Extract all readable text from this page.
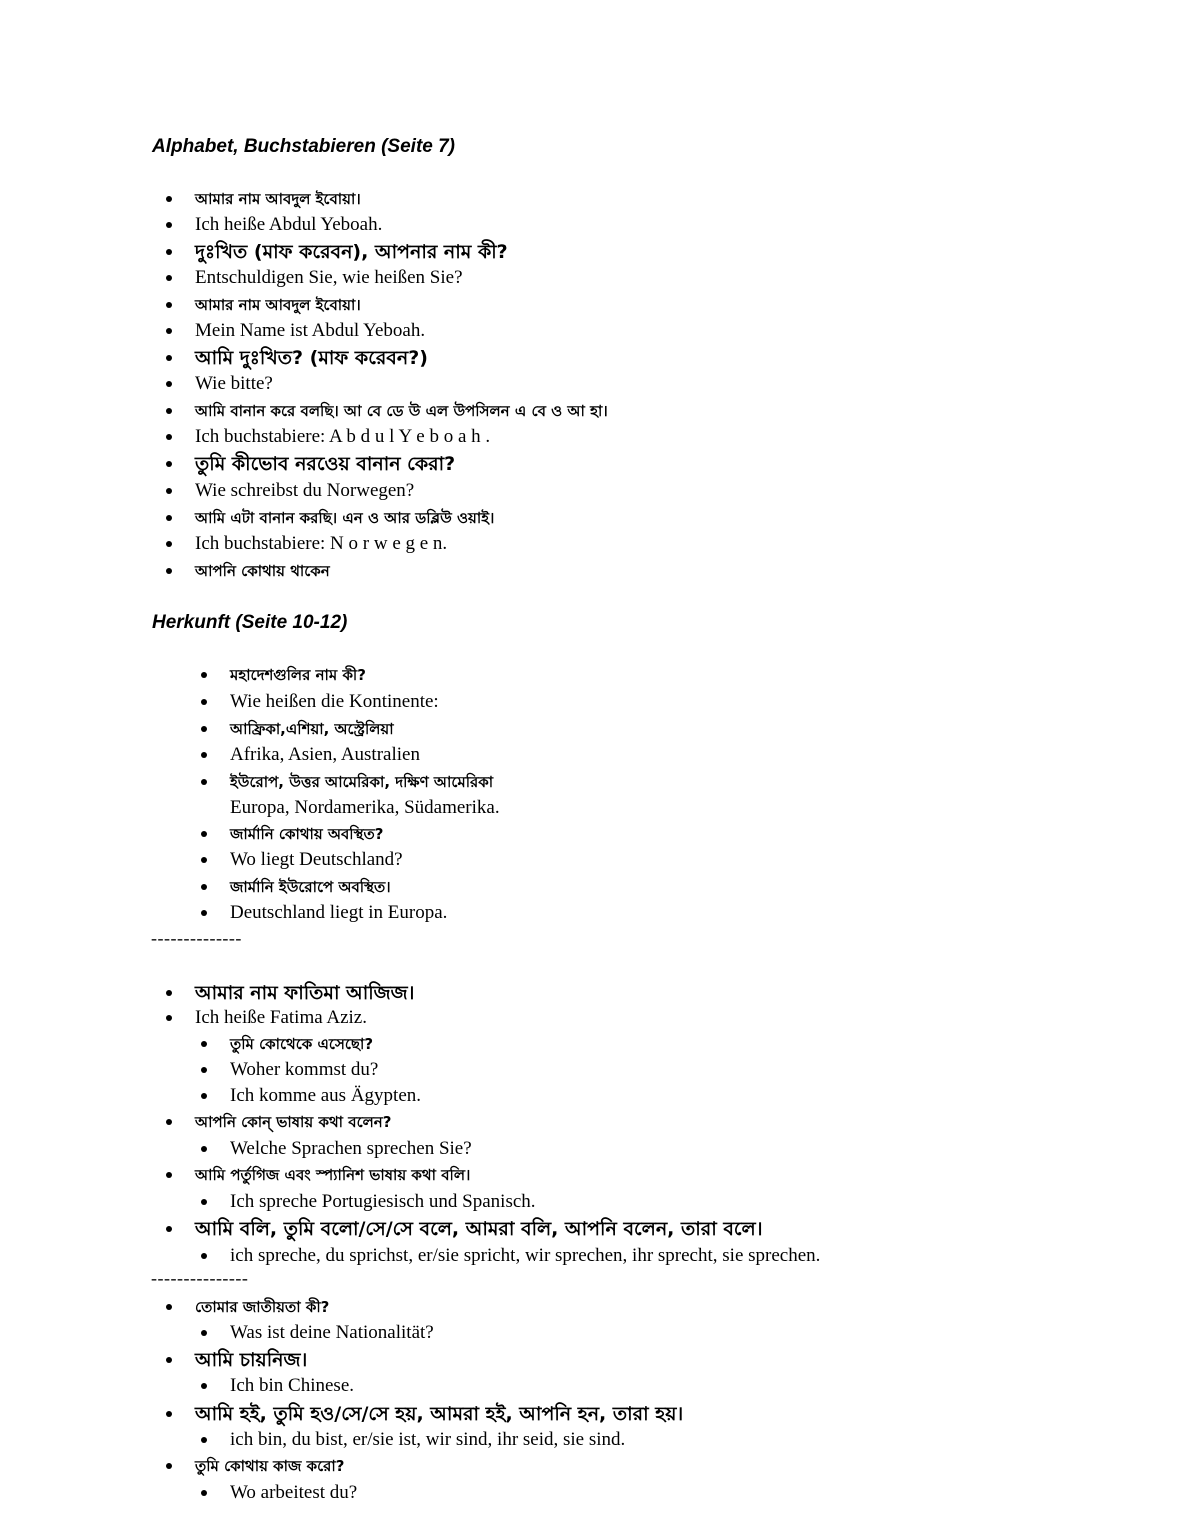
Alphabet, Buchstabieren (Seite 7)
আমার নাম আবদুল ইবোয়া।
Ich heiße Abdul Yeboah.
দুঃখিত (মাফ করেবন), আপনার নাম কী?
Entschuldigen Sie, wie heißen Sie?
আমার নাম আবদুল ইবোয়া।
Mein Name ist Abdul Yeboah.
আমি দুঃখিত? (মাফ করেবন?)
Wie bitte?
আমি বানান করে বলছি। আ বে ডে উ এল উপসিলন এ বে ও আ হা।
Ich buchstabiere: A b d u l Y e b o a h .
তুমি কীভােব নরওেয় বানান কেরা?
Wie schreibst du Norwegen?
আমি এটা বানান করছি। এন ও আর ডব্লিউ ওয়াই।
Ich buchstabiere: N o r w e g e n.
আপনি কোথায় থাকেন
Herkunft (Seite 10-12)
মহাদেশগুলির নাম কী?
Wie heißen die Kontinente:
আফ্রিকা,এশিয়া, অস্ট্রেলিয়া
Afrika, Asien, Australien
ইউরোপ, উত্তর আমেরিকা, দক্ষিণ আমেরিকা
Europa, Nordamerika, Südamerika.
জার্মানি কোথায় অবস্থিত?
Wo liegt Deutschland?
জার্মানি ইউরোপে অবস্থিত।
Deutschland liegt in Europa.
--------------
আমার নাম ফাতিমা আজিজ।
Ich heiße Fatima Aziz.
তুমি কোথেকে এসেছো?
Woher kommst du?
Ich komme aus Ägypten.
আপনি কোন্ ভাষায় কথা বলেন?
Welche Sprachen sprechen Sie?
আমি পর্তুগিজ এবং স্প্যানিশ ভাষায় কথা বলি।
Ich spreche Portugiesisch und Spanisch.
আমি বলি, তুমি বলো/সে/সে বলে, আমরা বলি, আপনি বলেন, তারা বলে।
ich spreche, du sprichst, er/sie spricht, wir sprechen, ihr sprecht, sie sprechen.
---------------
তোমার জাতীয়তা কী?
Was ist deine Nationalität?
আমি চায়নিজ।
Ich bin Chinese.
আমি হই, তুমি হও/সে/সে হয়, আমরা হই, আপনি হন, তারা হয়।
ich bin, du bist, er/sie ist, wir sind, ihr seid, sie sind.
তুমি কোথায় কাজ করো?
Wo arbeitest du?
